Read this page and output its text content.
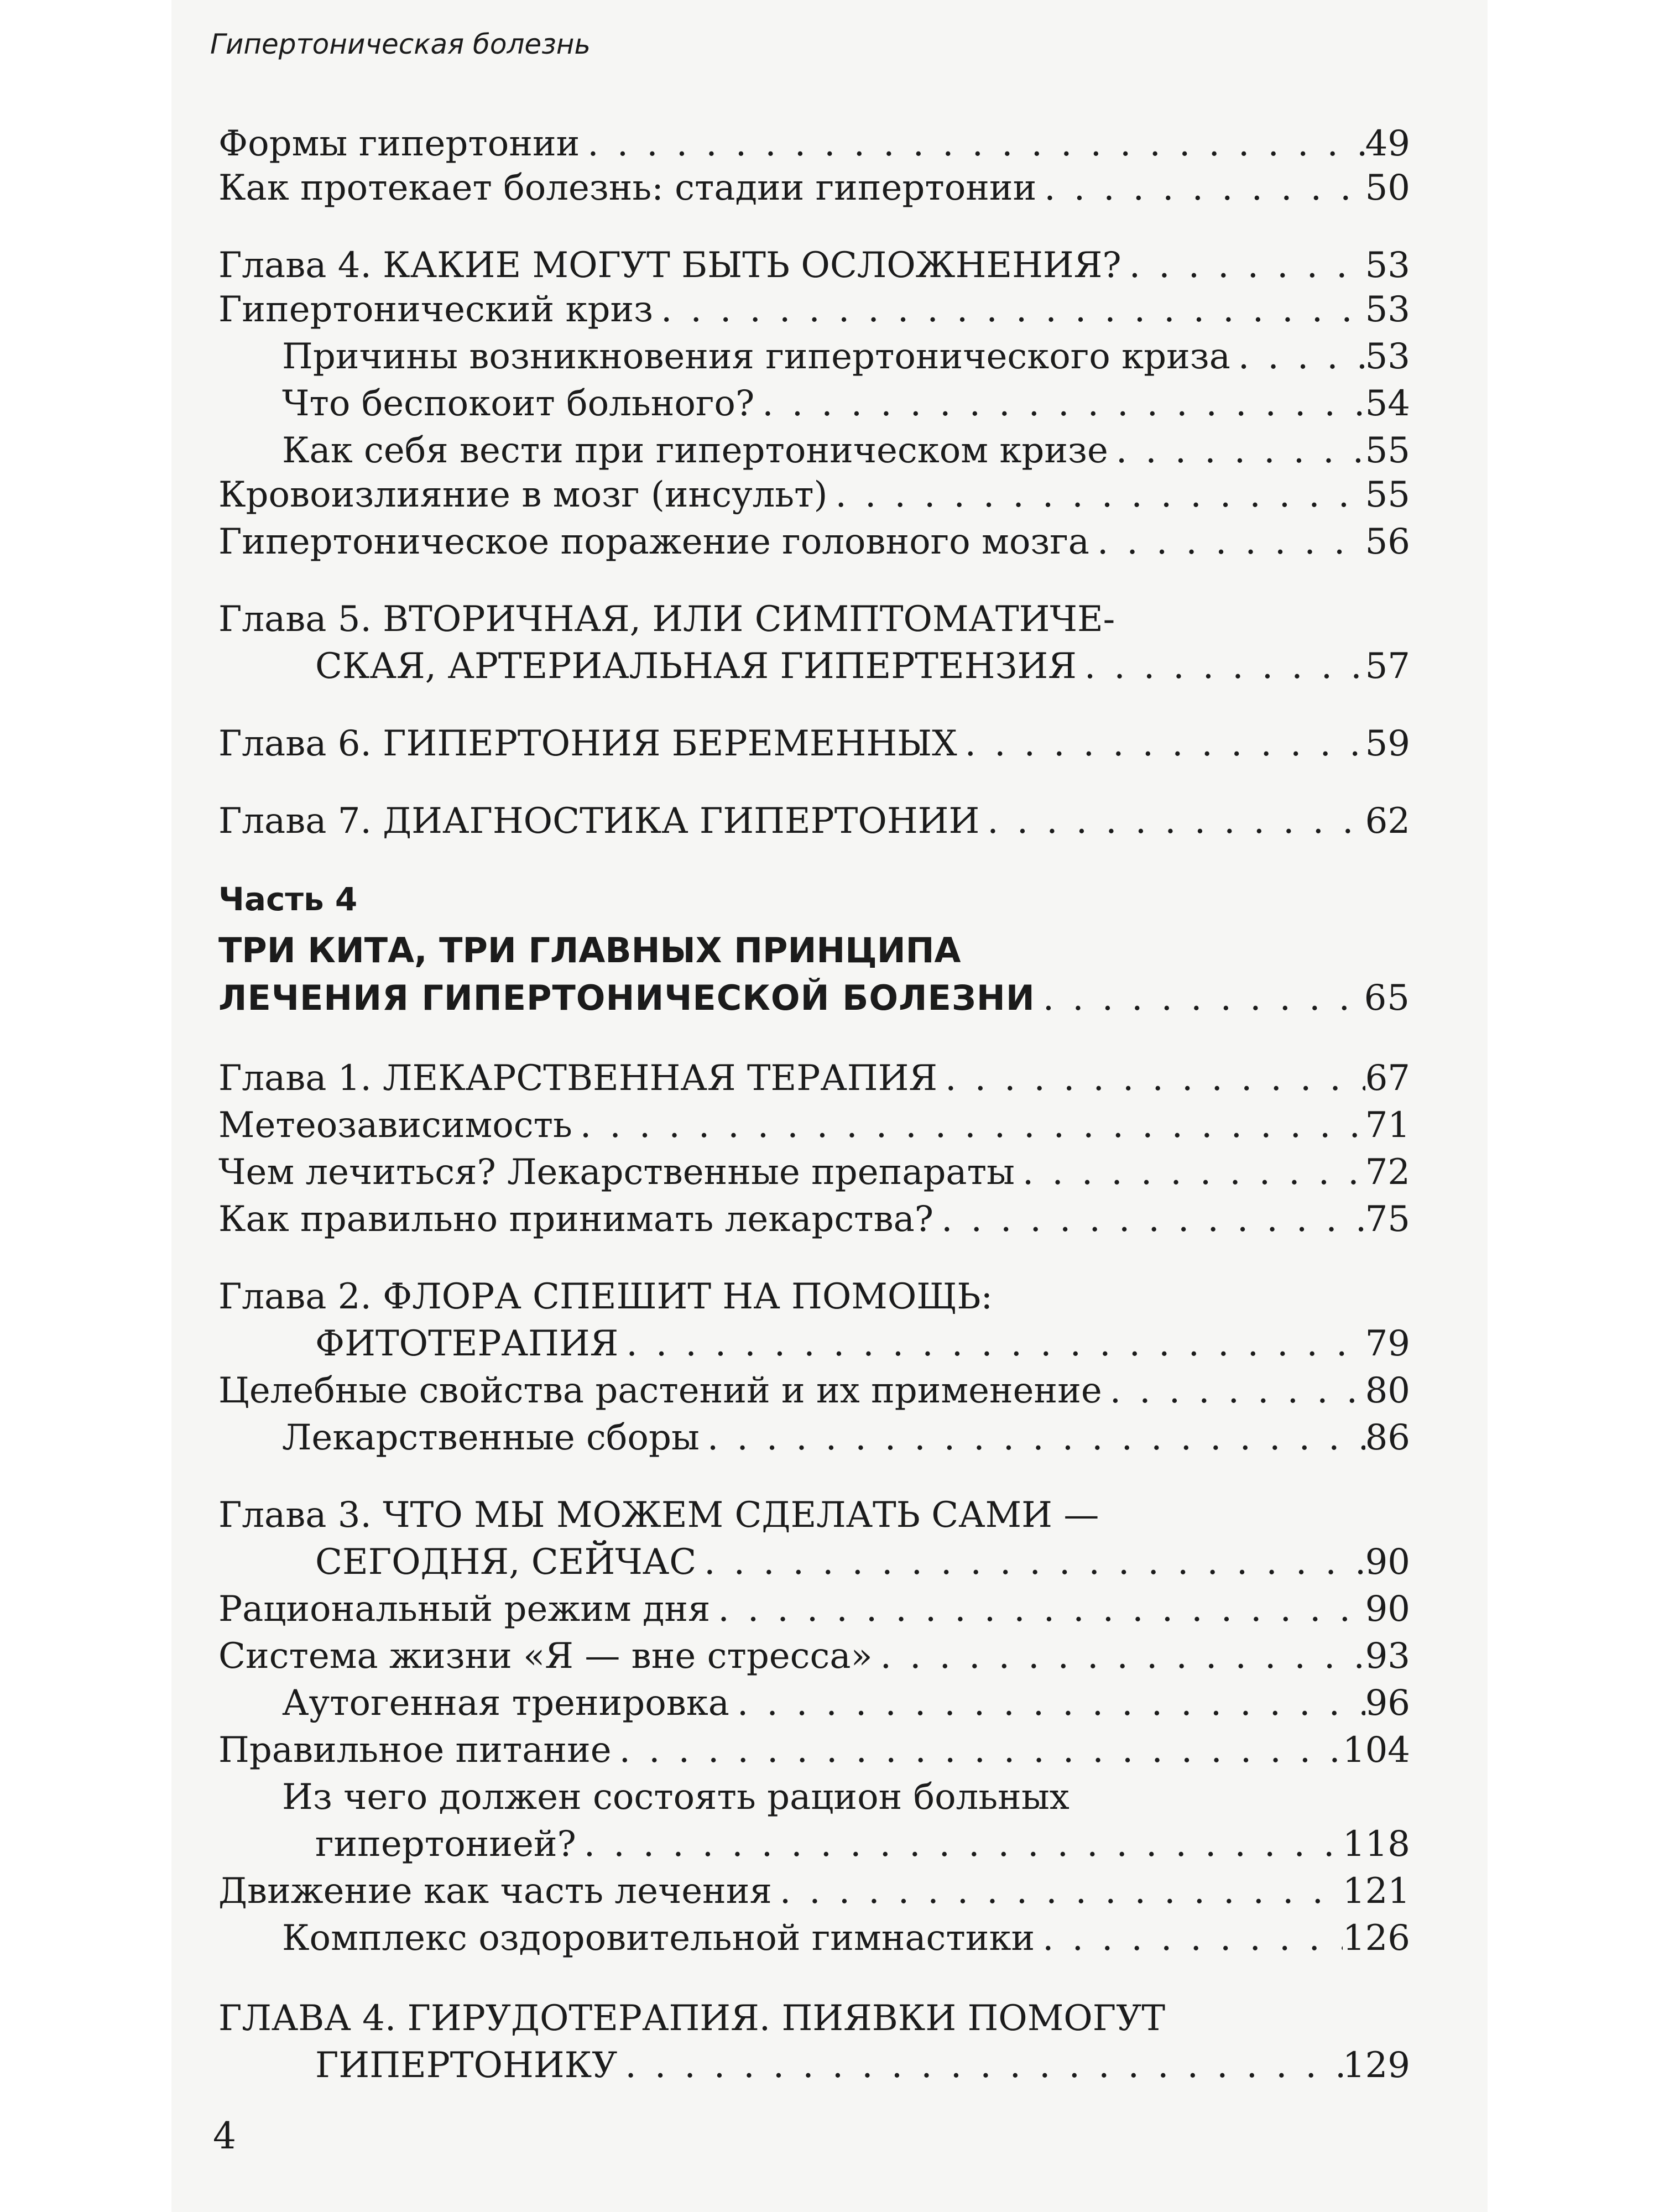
Гипертоническая болезнь
Формы гипертонии . . .	49
Как протекает болезнь: стадии гипертонии . . .	50
Глава 4. КАКИЕ МОГУТ БЫТЬ ОСЛОЖНЕНИЯ? . . .	53
Гипертонический криз . . .	53
Причины возникновения гипертонического криза . . .	53
Что беспокоит больного? . . .	54
Как себя вести при гипертоническом кризе . . .	55
Кровоизлияние в мозг (инсульт) . . .	55
Гипертоническое поражение головного мозга . . .	56
Глава 5. ВТОРИЧНАЯ, ИЛИ СИМПТОМАТИЧЕ-
СКАЯ, АРТЕРИАЛЬНАЯ ГИПЕРТЕНЗИЯ . . .	57
Глава 6. ГИПЕРТОНИЯ БЕРЕМЕННЫХ . . .	59
Глава 7. ДИАГНОСТИКА ГИПЕРТОНИИ . . .	62
Часть 4
ТРИ КИТА, ТРИ ГЛАВНЫХ ПРИНЦИПА
ЛЕЧЕНИЯ ГИПЕРТОНИЧЕСКОЙ БОЛЕЗНИ . . .	65
Глава 1. ЛЕКАРСТВЕННАЯ ТЕРАПИЯ . . .	67
Метеозависимость . . .	71
Чем лечиться? Лекарственные препараты . . .	72
Как правильно принимать лекарства? . . .	75
Глава 2. ФЛОРА СПЕШИТ НА ПОМОЩЬ:
ФИТОТЕРАПИЯ . . .	79
Целебные свойства растений и их применение . . .	80
Лекарственные сборы . . .	86
Глава 3. ЧТО МЫ МОЖЕМ СДЕЛАТЬ САМИ —
СЕГОДНЯ, СЕЙЧАС . . .	90
Рациональный режим дня . . .	90
Система жизни «Я — вне стресса» . . .	93
Аутогенная тренировка . . .	96
Правильное питание . . .	104
Из чего должен состоять рацион больных
гипертонией? . . .	118
Движение как часть лечения . . .	121
Комплекс оздоровительной гимнастики . . .	126
ГЛАВА 4. ГИРУДОТЕРАПИЯ. ПИЯВКИ ПОМОГУТ
ГИПЕРТОНИКУ . . .	129
4
